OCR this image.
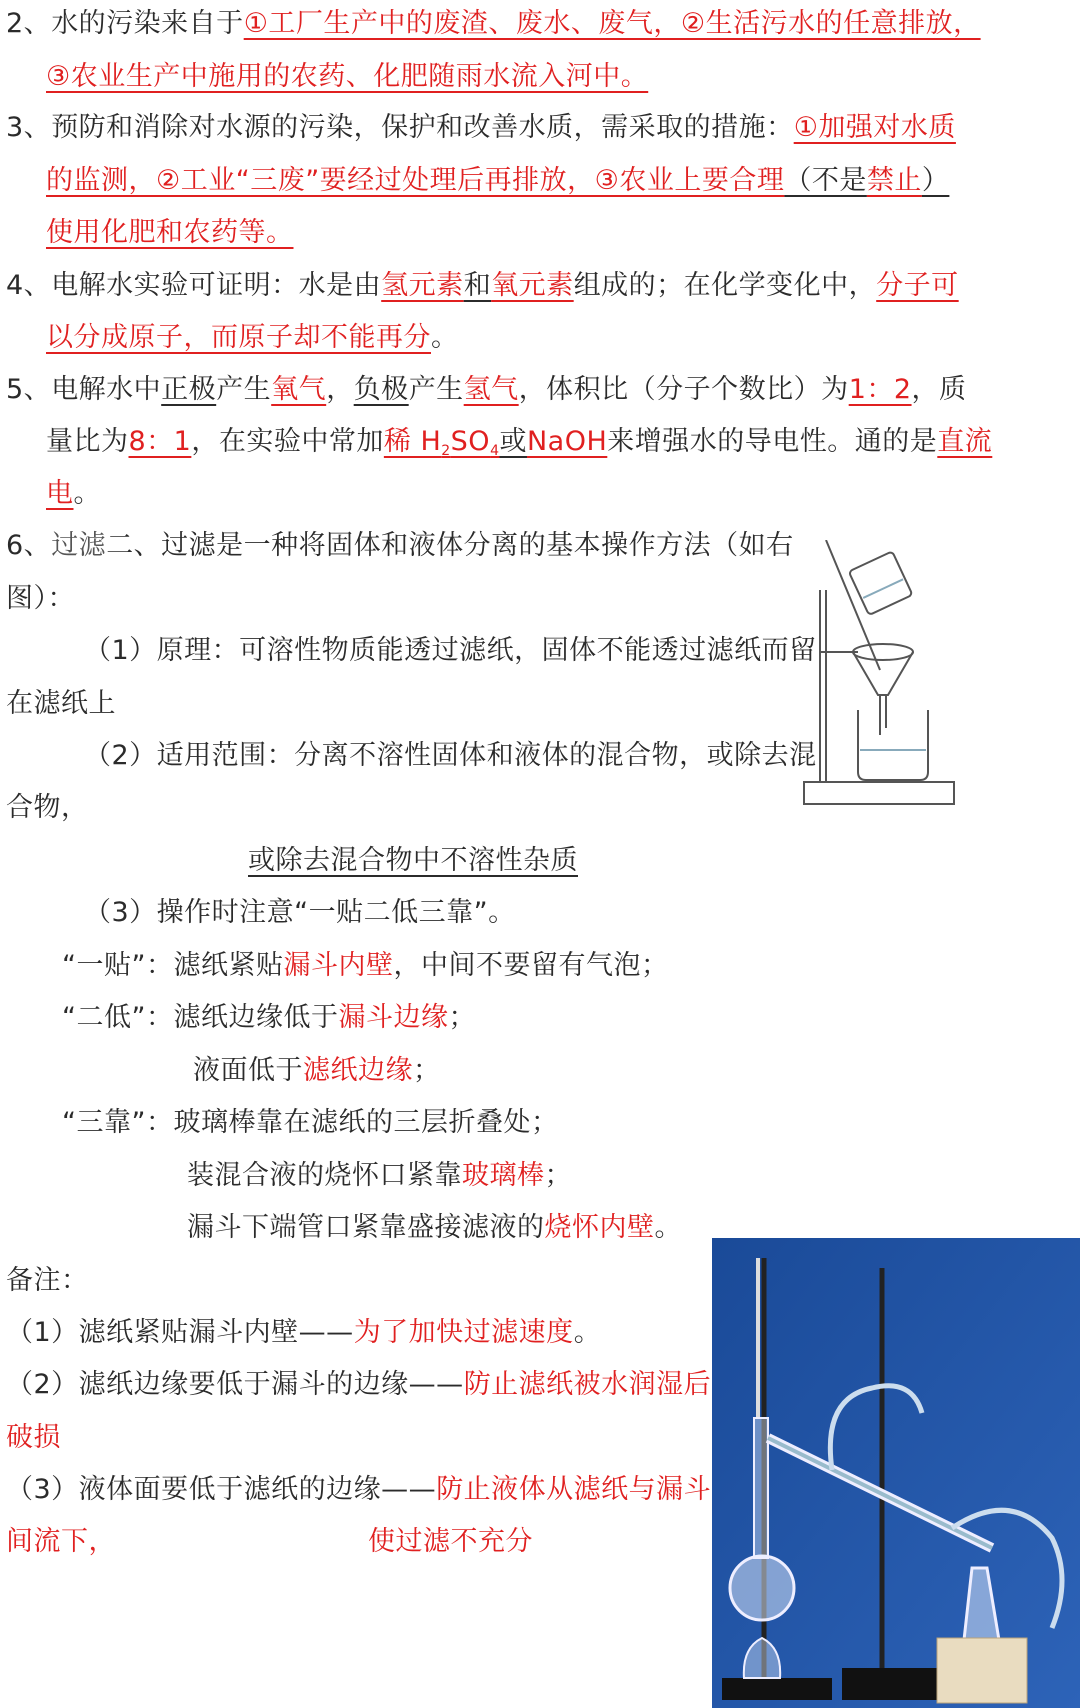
2、水的污染来自于①工厂生产中的废渣、废水、废气，②生活污水的任意排放，
③农业生产中施用的农药、化肥随雨水流入河中。
3、预防和消除对水源的污染，保护和改善水质，需采取的措施：①加强对水质
的监测，②工业“三废”要经过处理后再排放，③农业上要合理（不是禁止）
使用化肥和农药等。
4、电解水实验可证明：水是由氢元素和氧元素组成的；在化学变化中，分子可
以分成原子，而原子却不能再分。
5、电解水中正极产生氧气，负极产生氢气，体积比（分子个数比）为1：2，质
量比为8：1，在实验中常加稀 $H_2SO_4$或NaOH来增强水的导电性。通的是直流
电。
6、过滤二、过滤是一种将固体和液体分离的基本操作方法（如右
图）：
（1）原理：可溶性物质能透过滤纸，固体不能透过滤纸而留
在滤纸上
（2）适用范围：分离不溶性固体和液体的混合物，或除去混
合物，
或除去混合物中不溶性杂质
（3）操作时注意“一贴二低三靠”。
“一贴”：滤纸紧贴漏斗内壁，中间不要留有气泡；
“二低”：滤纸边缘低于漏斗边缘；
液面低于滤纸边缘；
“三靠”：玻璃棒靠在滤纸的三层折叠处；
装混合液的烧怀口紧靠玻璃棒；
漏斗下端管口紧靠盛接滤液的烧怀内壁。
备注：
（1）滤纸紧贴漏斗内壁——为了加快过滤速度。
（2）滤纸边缘要低于漏斗的边缘——防止滤纸被水润湿后
破损
（3）液体面要低于滤纸的边缘——防止液体从滤纸与漏斗
间流下，	使过滤不充分
